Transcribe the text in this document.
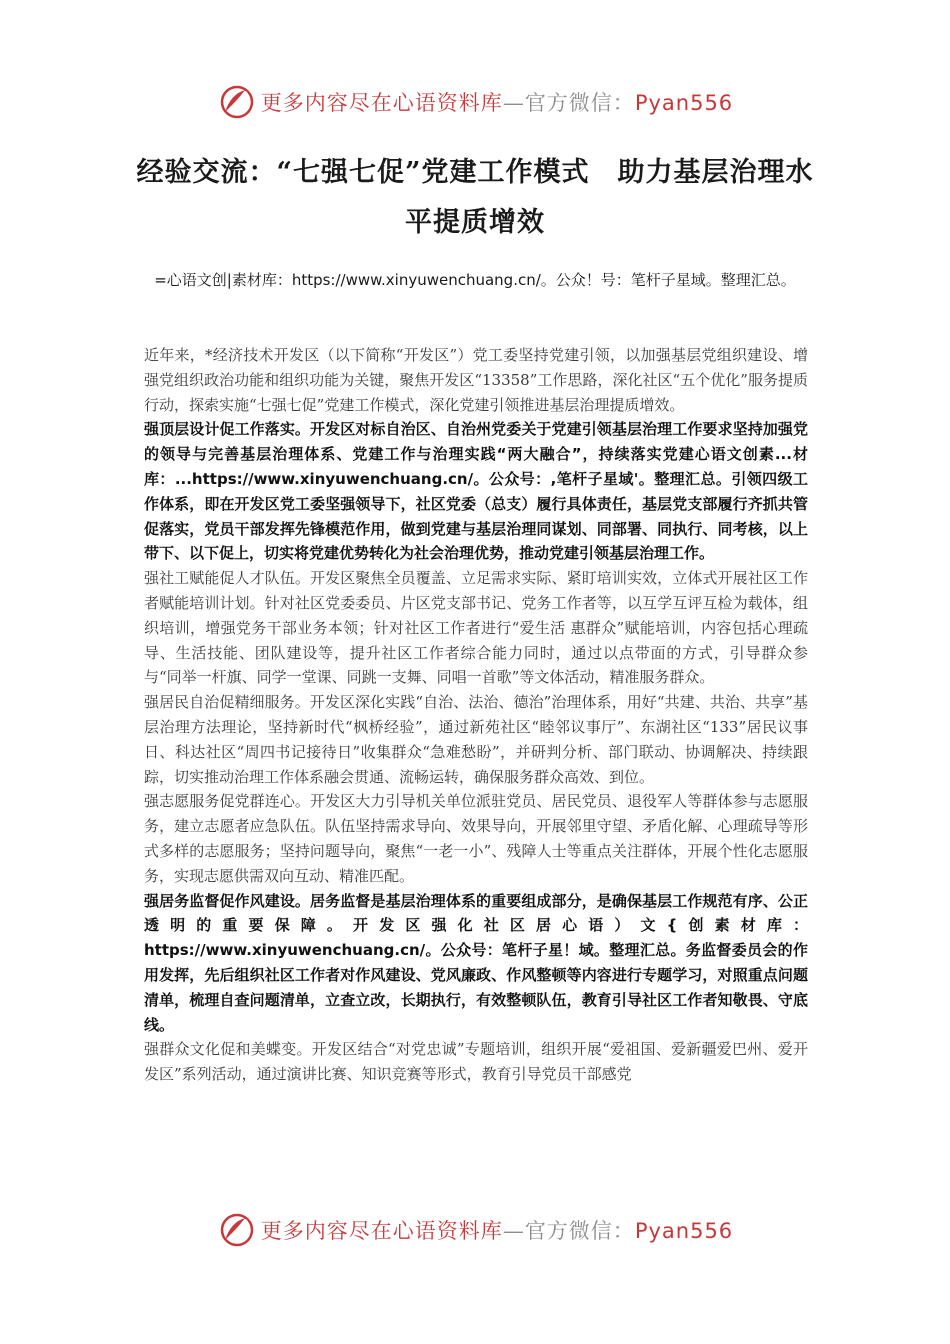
更多内容尽在心语资料库—官方微信：Pyan556
经验交流：“七强七促”党建工作模式　助力基层治理水平提质增效

=心语文创|素材库：https://www.xinyuwenchuang.cn/。公众！号：笔杆子星域。整理汇总。

近年来，*经济技术开发区（以下简称“开发区”）党工委坚持党建引领，以加强基层党组织建设、增强党组织政治功能和组织功能为关键，聚焦开发区“13358”工作思路，深化社区“五个优化”服务提质行动，探索实施“七强七促”党建工作模式，深化党建引领推进基层治理提质增效。

强顶层设计促工作落实。开发区对标自治区、自治州党委关于党建引领基层治理工作要求坚持加强党的领导与完善基层治理体系、党建工作与治理实践“两大融合”，持续落实党建心语文创素...材库：...https://www.xinyuwenchuang.cn/。公众号：,笔杆子星域'。整理汇总。引领四级工作体系，即在开发区党工委坚强领导下，社区党委（总支）履行具体责任，基层党支部履行齐抓共管促落实，党员干部发挥先锋模范作用，做到党建与基层治理同谋划、同部署、同执行、同考核，以上带下、以下促上，切实将党建优势转化为社会治理优势，推动党建引领基层治理工作。

强社工赋能促人才队伍。开发区聚焦全员覆盖、立足需求实际、紧盯培训实效，立体式开展社区工作者赋能培训计划。针对社区党委委员、片区党支部书记、党务工作者等，以互学互评互检为载体，组织培训，增强党务干部业务本领；针对社区工作者进行“爱生活 惠群众”赋能培训，内容包括心理疏导、生活技能、团队建设等，提升社区工作者综合能力同时，通过以点带面的方式，引导群众参与“同举一杆旗、同学一堂课、同跳一支舞、同唱一首歌”等文体活动，精准服务群众。

强居民自治促精细服务。开发区深化实践“自治、法治、德治”治理体系，用好“共建、共治、共享”基层治理方法理论，坚持新时代“枫桥经验”，通过新苑社区“睦邻议事厅”、东湖社区“133”居民议事日、科达社区“周四书记接待日”收集群众“急难愁盼”，并研判分析、部门联动、协调解决、持续跟踪，切实推动治理工作体系融会贯通、流畅运转，确保服务群众高效、到位。

强志愿服务促党群连心。开发区大力引导机关单位派驻党员、居民党员、退役军人等群体参与志愿服务，建立志愿者应急队伍。队伍坚持需求导向、效果导向，开展邻里守望、矛盾化解、心理疏导等形式多样的志愿服务；坚持问题导向，聚焦“一老一小”、残障人士等重点关注群体，开展个性化志愿服务，实现志愿供需双向互动、精准匹配。

强居务监督促作风建设。居务监督是基层治理体系的重要组成部分，是确保基层工作规范有序、公正透明的重要保障。开发区强化社区居心语）文{创素材库：https://www.xinyuwenchuang.cn/。公众号：笔杆子星！域。整理汇总。务监督委员会的作用发挥，先后组织社区工作者对作风建设、党风廉政、作风整顿等内容进行专题学习，对照重点问题清单，梳理自查问题清单，立查立改，长期执行，有效整顿队伍，教育引导社区工作者知敬畏、守底线。

强群众文化促和美蝶变。开发区结合“对党忠诚”专题培训，组织开展“爱祖国、爱新疆爱巴州、爱开发区”系列活动，通过演讲比赛、知识竞赛等形式，教育引导党员干部感党

更多内容尽在心语资料库—官方微信：Pyan556
